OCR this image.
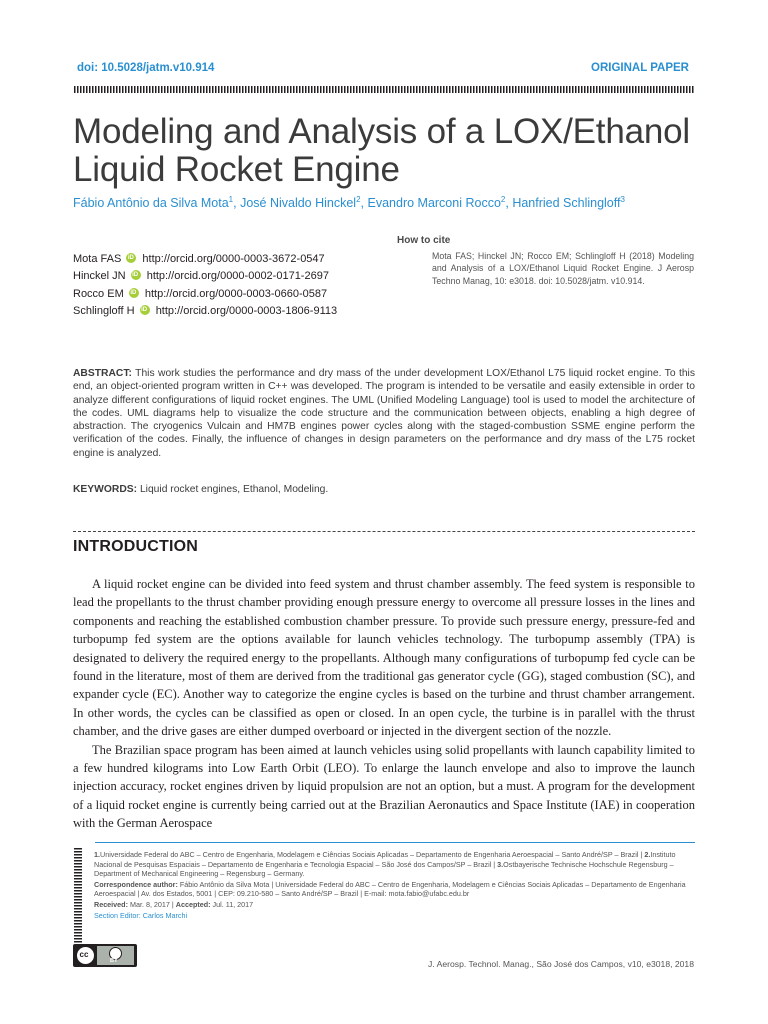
doi: 10.5028/jatm.v10.914	ORIGINAL PAPER
Modeling and Analysis of a LOX/Ethanol
Liquid Rocket Engine
Fábio Antônio da Silva Mota$^1$, José Nivaldo Hinckel$^2$, Evandro Marconi Rocco$^2$, Hanfried Schlingloff$^3$
Mota FAS iD http://orcid.org/0000-0003-3672-0547
Hinckel JN iD http://orcid.org/0000-0002-0171-2697
Rocco EM iD http://orcid.org/0000-0003-0660-0587
Schlingloff H iD http://orcid.org/0000-0003-1806-9113
How to cite
Mota FAS; Hinckel JN; Rocco EM; Schlingloff H (2018) Modeling and Analysis of a LOX/Ethanol Liquid Rocket Engine. J Aerosp Techno Manag, 10: e3018. doi: 10.5028/jatm. v10.914.

ABSTRACT: This work studies the performance and dry mass of the under development LOX/Ethanol L75 liquid rocket engine. To this end, an object-oriented program written in C++ was developed. The program is intended to be versatile and easily extensible in order to analyze different configurations of liquid rocket engines. The UML (Unified Modeling Language) tool is used to model the architecture of the codes. UML diagrams help to visualize the code structure and the communication between objects, enabling a high degree of abstraction. The cryogenics Vulcain and HM7B engines power cycles along with the staged-combustion SSME engine perform the verification of the codes. Finally, the influence of changes in design parameters on the performance and dry mass of the L75 rocket engine is analyzed.

KEYWORDS: Liquid rocket engines, Ethanol, Modeling.
INTRODUCTION

A liquid rocket engine can be divided into feed system and thrust chamber assembly. The feed system is responsible to lead the propellants to the thrust chamber providing enough pressure energy to overcome all pressure losses in the lines and components and reaching the established combustion chamber pressure. To provide such pressure energy, pressure-fed and turbopump fed system are the options available for launch vehicles technology. The turbopump assembly (TPA) is designated to delivery the required energy to the propellants. Although many configurations of turbopump fed cycle can be found in the literature, most of them are derived from the traditional gas generator cycle (GG), staged combustion (SC), and expander cycle (EC). Another way to categorize the engine cycles is based on the turbine and thrust chamber arrangement. In other words, the cycles can be classified as open or closed. In an open cycle, the turbine is in parallel with the thrust chamber, and the drive gases are either dumped overboard or injected in the divergent section of the nozzle.

The Brazilian space program has been aimed at launch vehicles using solid propellants with launch capability limited to a few hundred kilograms into Low Earth Orbit (LEO). To enlarge the launch envelope and also to improve the launch injection accuracy, rocket engines driven by liquid propulsion are not an option, but a must. A program for the development of a liquid rocket engine is currently being carried out at the Brazilian Aeronautics and Space Institute (IAE) in cooperation with the German Aerospace

1.Universidade Federal do ABC – Centro de Engenharia, Modelagem e Ciências Sociais Aplicadas – Departamento de Engenharia Aeroespacial – Santo André/SP – Brazil | 2.Instituto Nacional de Pesquisas Espaciais – Departamento de Engenharia e Tecnologia Espacial – São José dos Campos/SP – Brazil | 3.Ostbayerische Technische Hochschule Regensburg – Department of Mechanical Engineering – Regensburg – Germany.
Correspondence author: Fábio Antônio da Silva Mota | Universidade Federal do ABC – Centro de Engenharia, Modelagem e Ciências Sociais Aplicadas – Departamento de Engenharia Aeroespacial | Av. dos Estados, 5001 | CEP: 09.210-580 – Santo André/SP – Brazil | E-mail: mota.fabio@ufabc.edu.br
Received: Mar. 8, 2017 | Accepted: Jul. 11, 2017
Section Editor: Carlos Marchi
cc
BY	J. Aerosp. Technol. Manag., São José dos Campos, v10, e3018, 2018
